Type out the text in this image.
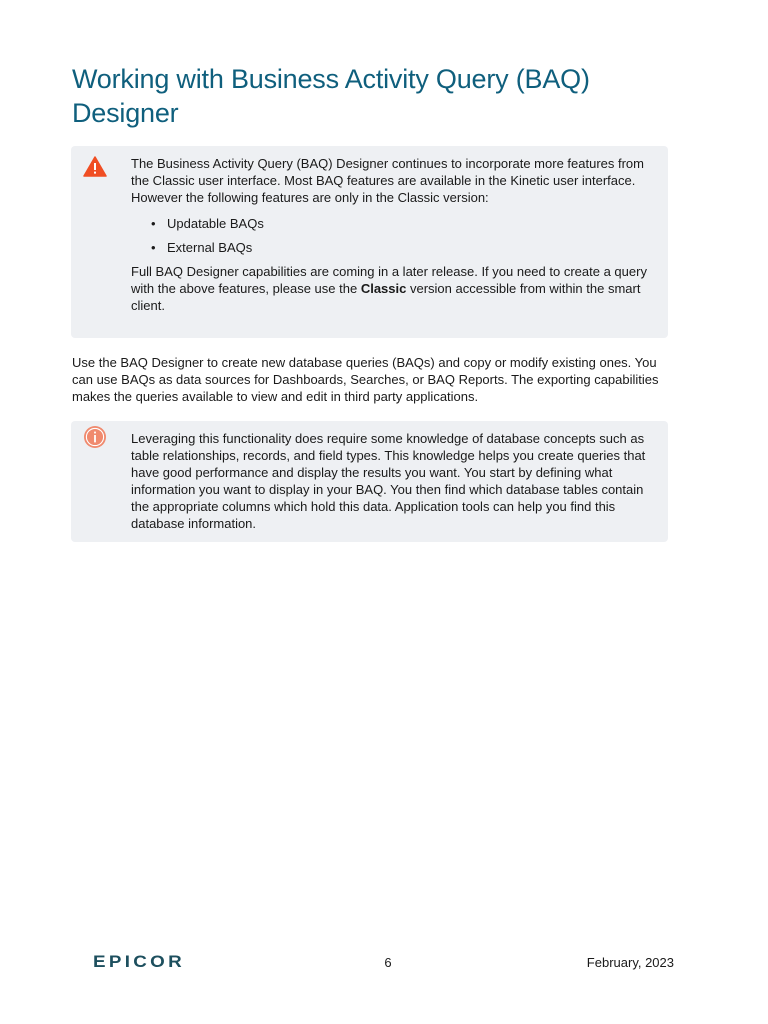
Working with Business Activity Query (BAQ) Designer

The Business Activity Query (BAQ) Designer continues to incorporate more features from the Classic user interface. Most BAQ features are available in the Kinetic user interface. However the following features are only in the Classic version:

• Updatable BAQs
• External BAQs

Full BAQ Designer capabilities are coming in a later release. If you need to create a query with the above features, please use the Classic version accessible from within the smart client.

Use the BAQ Designer to create new database queries (BAQs) and copy or modify existing ones. You can use BAQs as data sources for Dashboards, Searches, or BAQ Reports. The exporting capabilities makes the queries available to view and edit in third party applications.

Leveraging this functionality does require some knowledge of database concepts such as table relationships, records, and field types. This knowledge helps you create queries that have good performance and display the results you want. You start by defining what information you want to display in your BAQ. You then find which database tables contain the appropriate columns which hold this data. Application tools can help you find this database information.

EPICOR	6	February, 2023
